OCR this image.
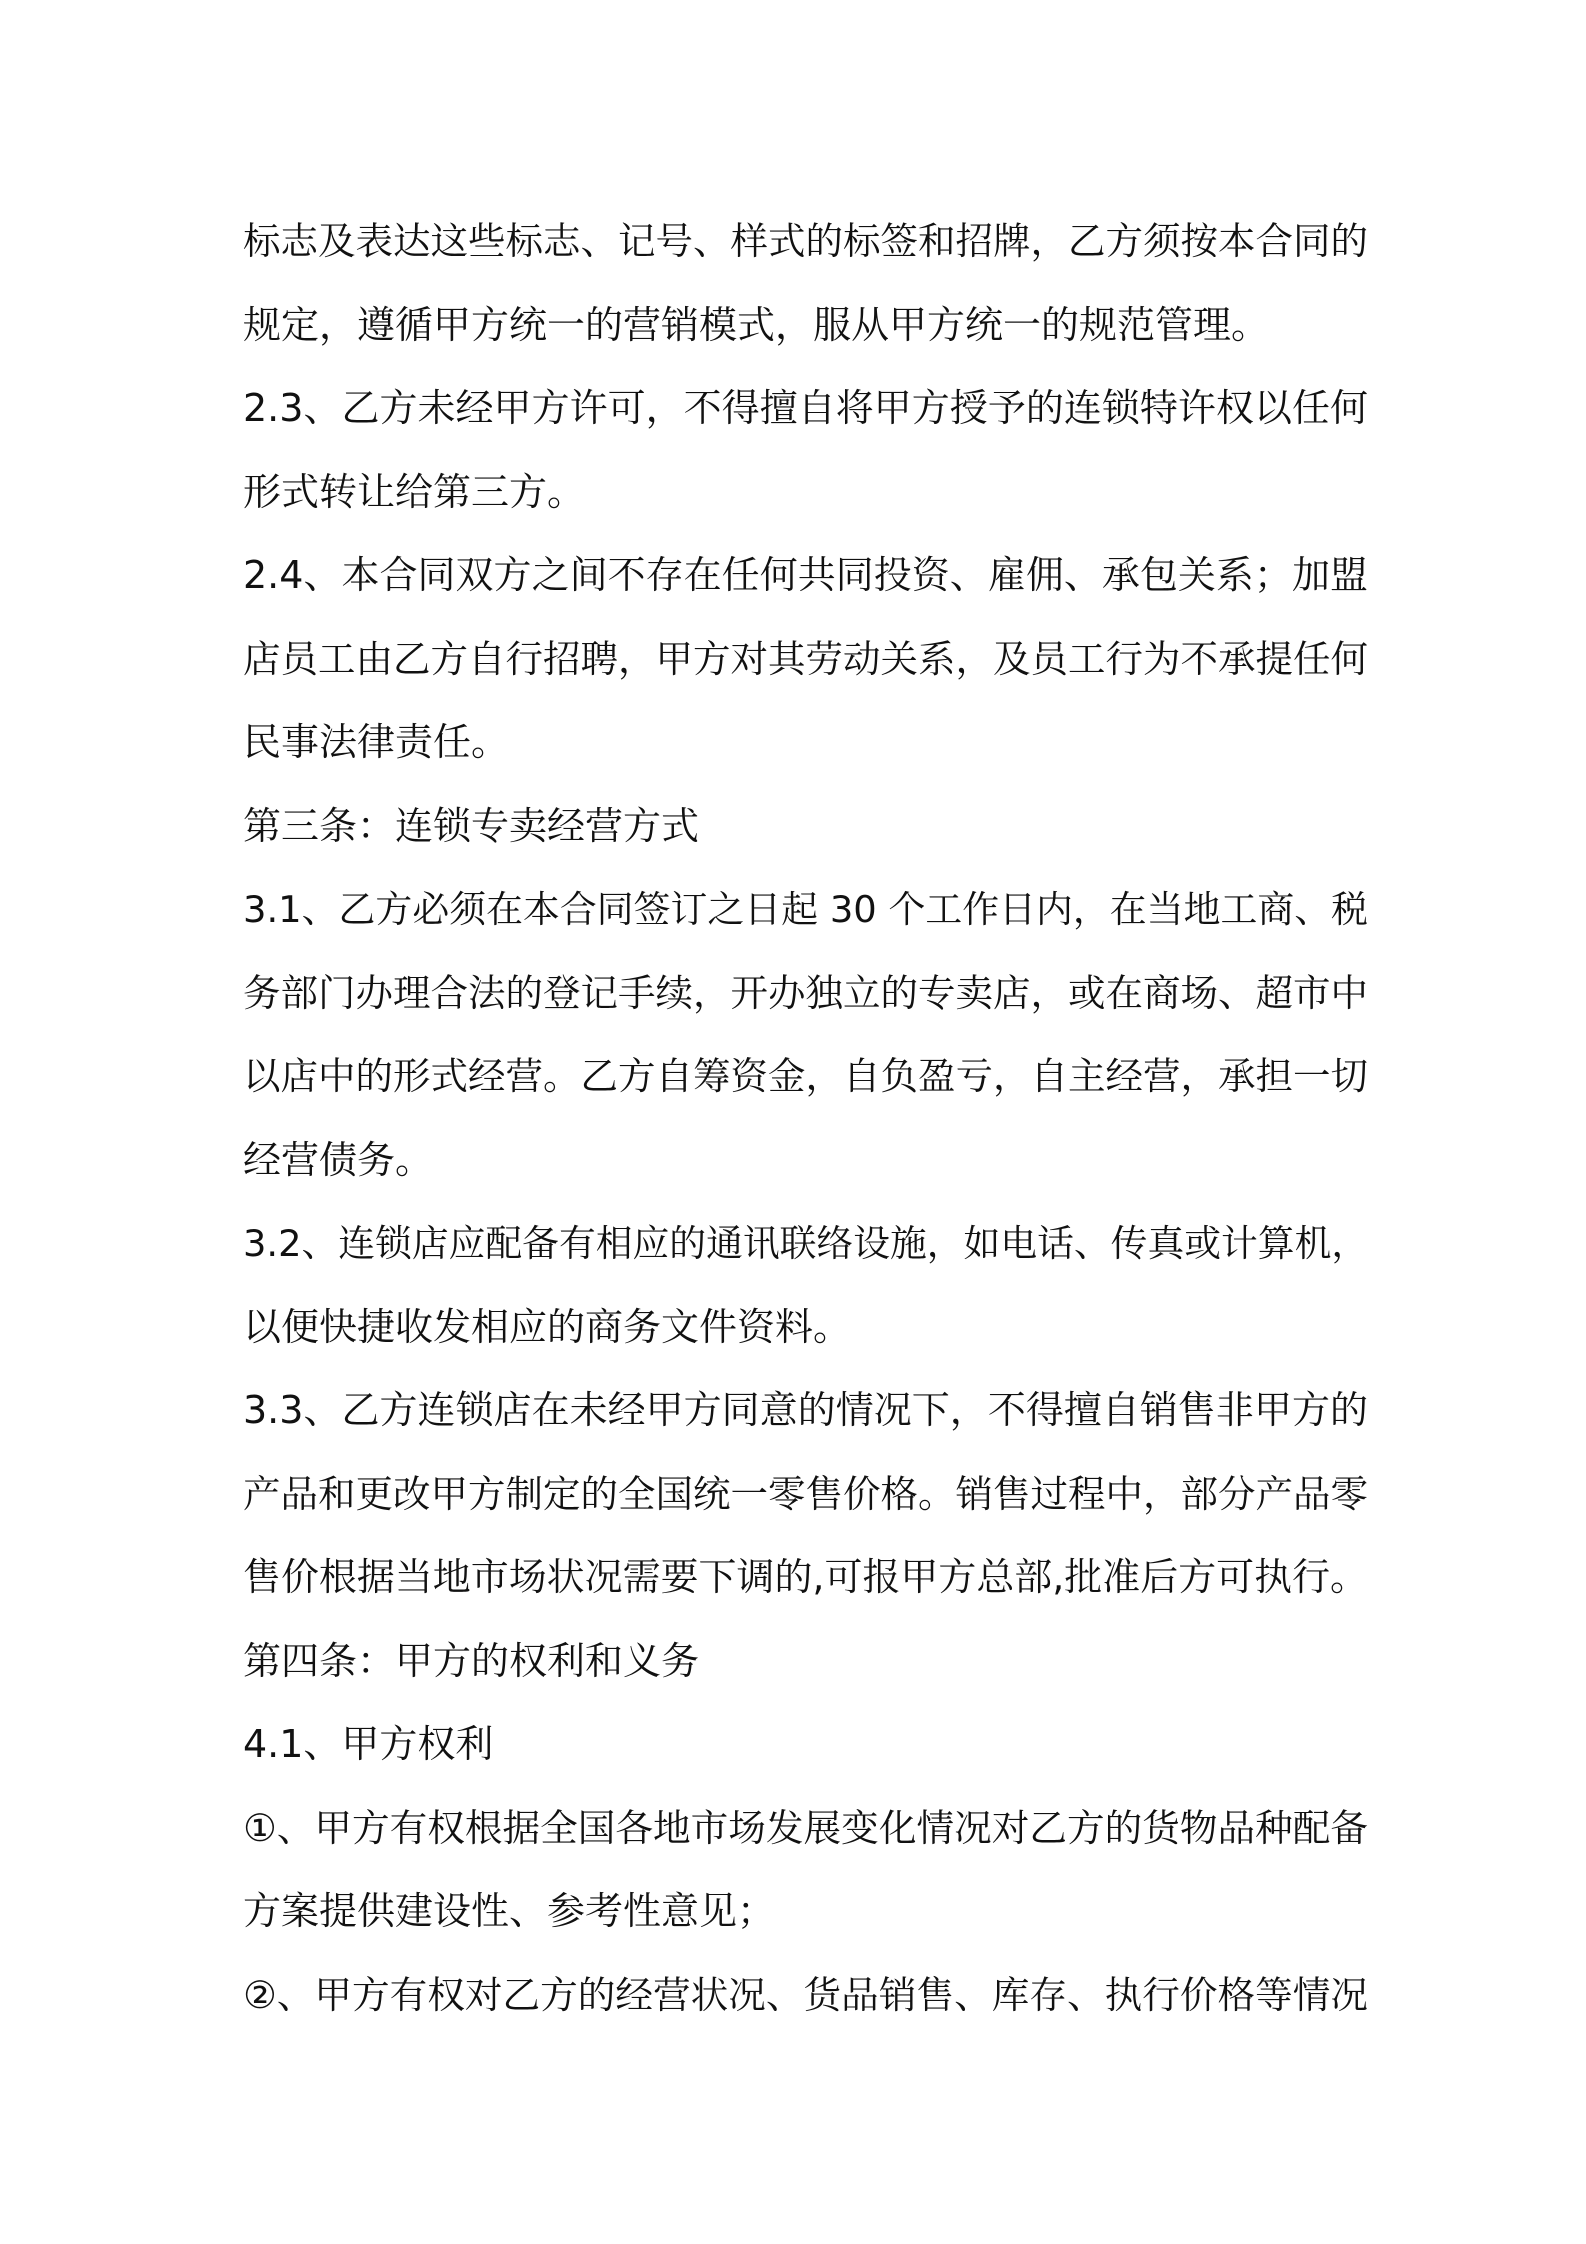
标志及表达这些标志、记号、样式的标签和招牌，乙方须按本合同的
规定，遵循甲方统一的营销模式，服从甲方统一的规范管理。
2.3、乙方未经甲方许可，不得擅自将甲方授予的连锁特许权以任何
形式转让给第三方。
2.4、本合同双方之间不存在任何共同投资、雇佣、承包关系；加盟
店员工由乙方自行招聘，甲方对其劳动关系，及员工行为不承提任何
民事法律责任。
第三条：连锁专卖经营方式
3.1、乙方必须在本合同签订之日起 30 个工作日内，在当地工商、税
务部门办理合法的登记手续，开办独立的专卖店，或在商场、超市中
以店中的形式经营。乙方自筹资金，自负盈亏，自主经营，承担一切
经营债务。
3.2、连锁店应配备有相应的通讯联络设施，如电话、传真或计算机，
以便快捷收发相应的商务文件资料。
3.3、乙方连锁店在未经甲方同意的情况下，不得擅自销售非甲方的
产品和更改甲方制定的全国统一零售价格。销售过程中，部分产品零
售价根据当地市场状况需要下调的,可报甲方总部,批准后方可执行。
第四条：甲方的权利和义务
4.1、甲方权利
①、甲方有权根据全国各地市场发展变化情况对乙方的货物品种配备
方案提供建设性、参考性意见；
②、甲方有权对乙方的经营状况、货品销售、库存、执行价格等情况
